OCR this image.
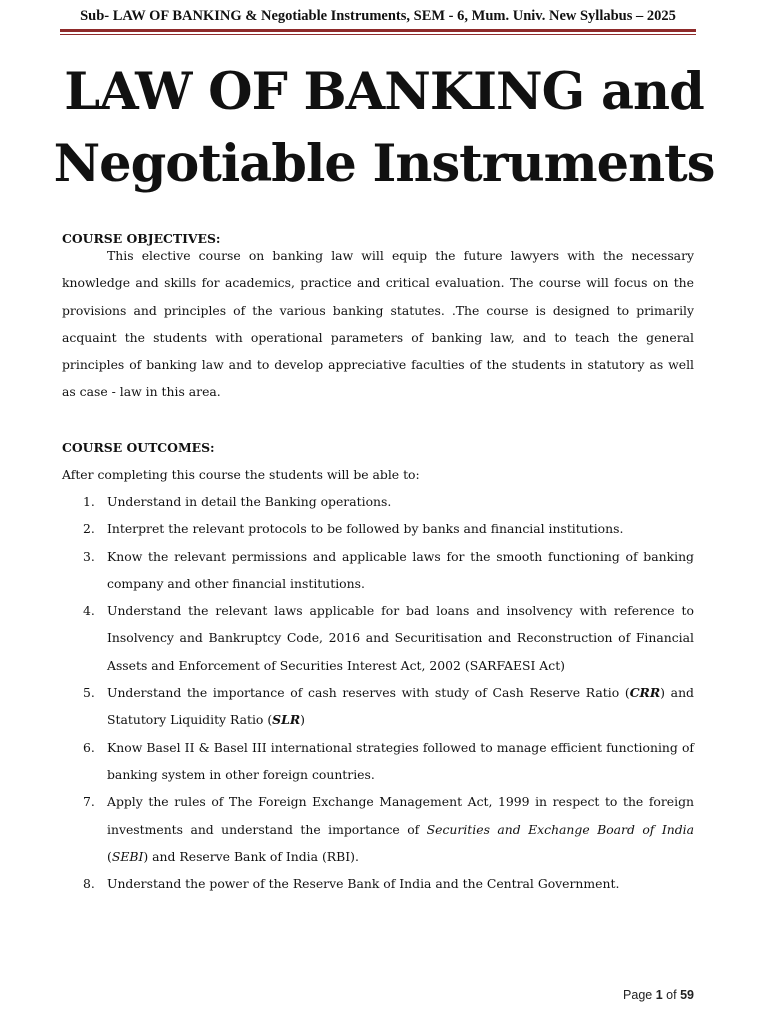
Sub- LAW OF BANKING & Negotiable Instruments, SEM - 6, Mum. Univ. New Syllabus – 2025
LAW OF BANKING and
Negotiable Instruments
COURSE OBJECTIVES:
This elective course on banking law will equip the future lawyers with the necessary knowledge and skills for academics, practice and critical evaluation. The course will focus on the provisions and principles of the various banking statutes. .The course is designed to primarily acquaint the students with operational parameters of banking law, and to teach the general principles of banking law and to develop appreciative faculties of the students in statutory as well as case - law in this area.
COURSE OUTCOMES:
After completing this course the students will be able to:
1. Understand in detail the Banking operations.
2. Interpret the relevant protocols to be followed by banks and financial institutions.
3. Know the relevant permissions and applicable laws for the smooth functioning of banking company and other financial institutions.
4. Understand the relevant laws applicable for bad loans and insolvency with reference to Insolvency and Bankruptcy Code, 2016 and Securitisation and Reconstruction of Financial Assets and Enforcement of Securities Interest Act, 2002 (SARFAESI Act)
5. Understand the importance of cash reserves with study of Cash Reserve Ratio (CRR) and Statutory Liquidity Ratio (SLR)
6. Know Basel II & Basel III international strategies followed to manage efficient functioning of banking system in other foreign countries.
7. Apply the rules of The Foreign Exchange Management Act, 1999 in respect to the foreign investments and understand the importance of Securities and Exchange Board of India (SEBI) and Reserve Bank of India (RBI).
8. Understand the power of the Reserve Bank of India and the Central Government.
Page 1 of 59
